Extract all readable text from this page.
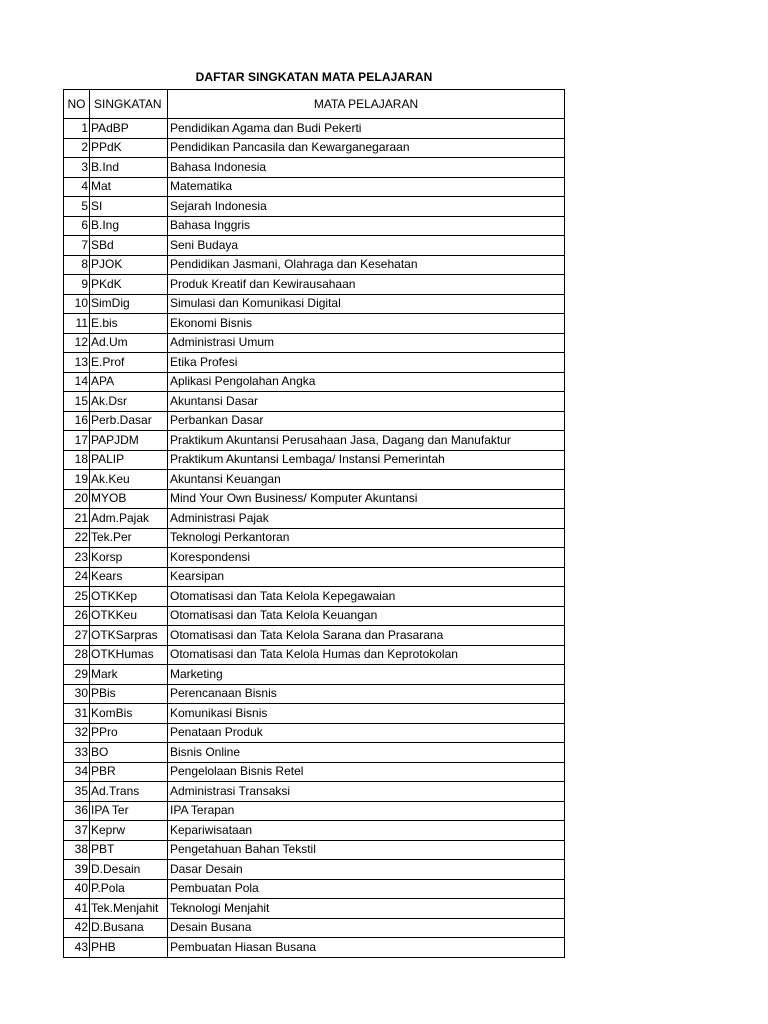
DAFTAR SINGKATAN MATA PELAJARAN
NO	SINGKATAN	MATA PELAJARAN
1	PAdBP	Pendidikan Agama dan Budi Pekerti
2	PPdK	Pendidikan Pancasila dan Kewarganegaraan
3	B.Ind	Bahasa Indonesia
4	Mat	Matematika
5	SI	Sejarah Indonesia
6	B.Ing	Bahasa Inggris
7	SBd	Seni Budaya
8	PJOK	Pendidikan Jasmani, Olahraga dan Kesehatan
9	PKdK	Produk Kreatif dan Kewirausahaan
10	SimDig	Simulasi dan Komunikasi Digital
11	E.bis	Ekonomi Bisnis
12	Ad.Um	Administrasi Umum
13	E.Prof	Etika Profesi
14	APA	Aplikasi Pengolahan Angka
15	Ak.Dsr	Akuntansi Dasar
16	Perb.Dasar	Perbankan Dasar
17	PAPJDM	Praktikum Akuntansi Perusahaan Jasa, Dagang dan Manufaktur
18	PALIP	Praktikum Akuntansi Lembaga/ Instansi Pemerintah
19	Ak.Keu	Akuntansi Keuangan
20	MYOB	Mind Your Own Business/ Komputer Akuntansi
21	Adm.Pajak	Administrasi Pajak
22	Tek.Per	Teknologi Perkantoran
23	Korsp	Korespondensi
24	Kears	Kearsipan
25	OTKKep	Otomatisasi dan Tata Kelola Kepegawaian
26	OTKKeu	Otomatisasi dan Tata Kelola Keuangan
27	OTKSarpras	Otomatisasi dan Tata Kelola Sarana dan Prasarana
28	OTKHumas	Otomatisasi dan Tata Kelola Humas dan Keprotokolan
29	Mark	Marketing
30	PBis	Perencanaan Bisnis
31	KomBis	Komunikasi Bisnis
32	PPro	Penataan Produk
33	BO	Bisnis Online
34	PBR	Pengelolaan Bisnis Retel
35	Ad.Trans	Administrasi Transaksi
36	IPA Ter	IPA Terapan
37	Keprw	Kepariwisataan
38	PBT	Pengetahuan Bahan Tekstil
39	D.Desain	Dasar Desain
40	P.Pola	Pembuatan Pola
41	Tek.Menjahit	Teknologi Menjahit
42	D.Busana	Desain Busana
43	PHB	Pembuatan Hiasan Busana
